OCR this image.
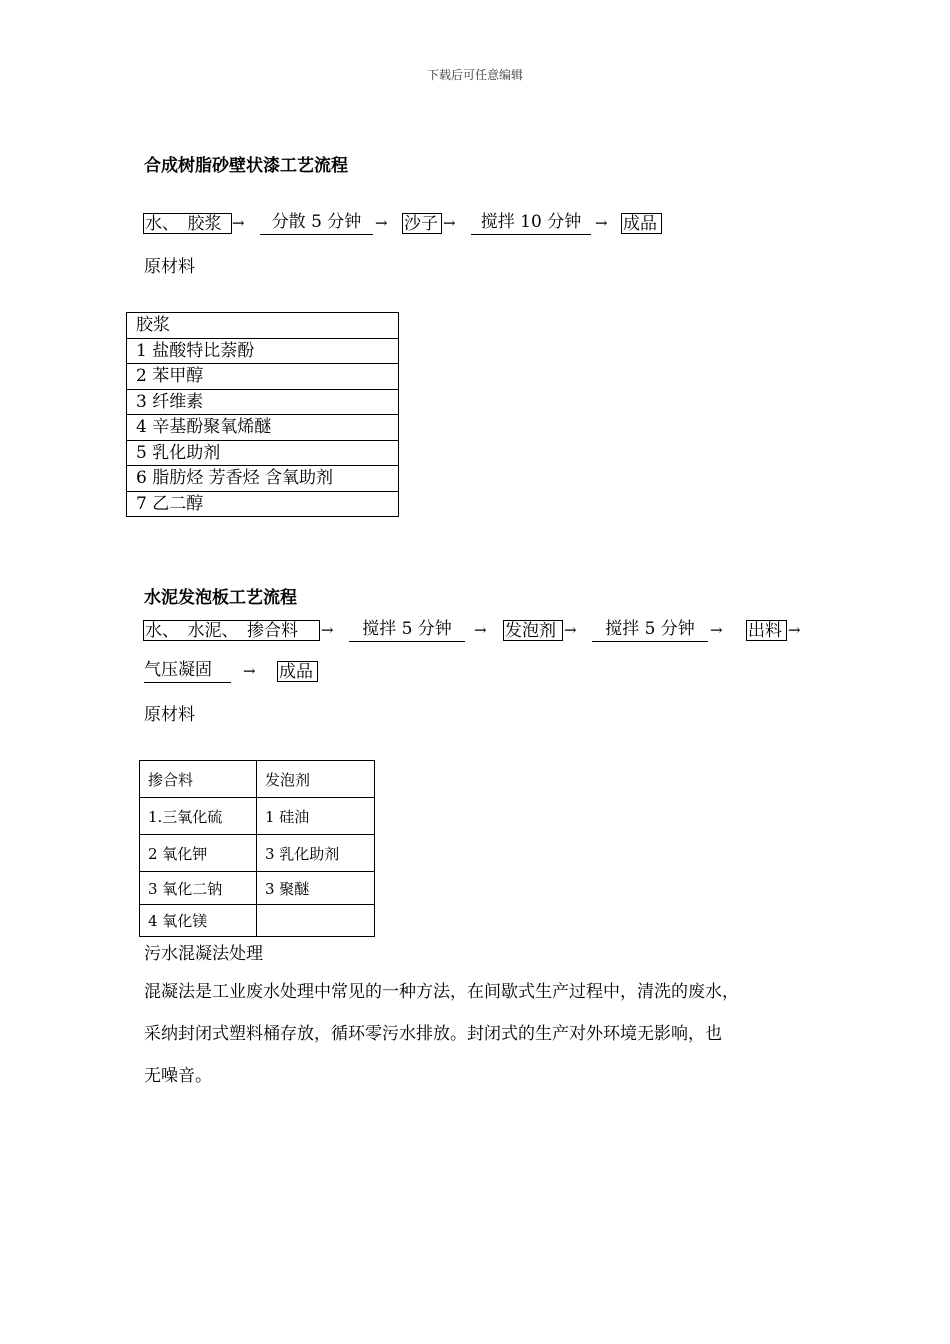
下载后可任意编辑
合成树脂砂壁状漆工艺流程
水、　胶浆 →	分散 5 分钟 → 沙子 →	搅拌 10 分钟 → 成品
原材料
胶浆
1 盐酸特比萘酚
2 苯甲醇
3 纤维素
4 辛基酚聚氧烯醚
5 乳化助剂
6 脂肪烃 芳香烃 含氧助剂
7 乙二醇
水泥发泡板工艺流程
水、　水泥、　掺合料	→	搅拌 5 分钟	→ 发泡剂 →	搅拌 5 分钟	→ 出料 →
气压凝固	→ 成品
原材料
掺合料	发泡剂
1.三氧化硫	1 硅油
2 氧化钾	3 乳化助剂
3 氧化二钠	3 聚醚
4 氧化镁	
污水混凝法处理
混凝法是工业废水处理中常见的一种方法，在间歇式生产过程中，清洗的废水，
采纳封闭式塑料桶存放，循环零污水排放。封闭式的生产对外环境无影响，也
无噪音。
